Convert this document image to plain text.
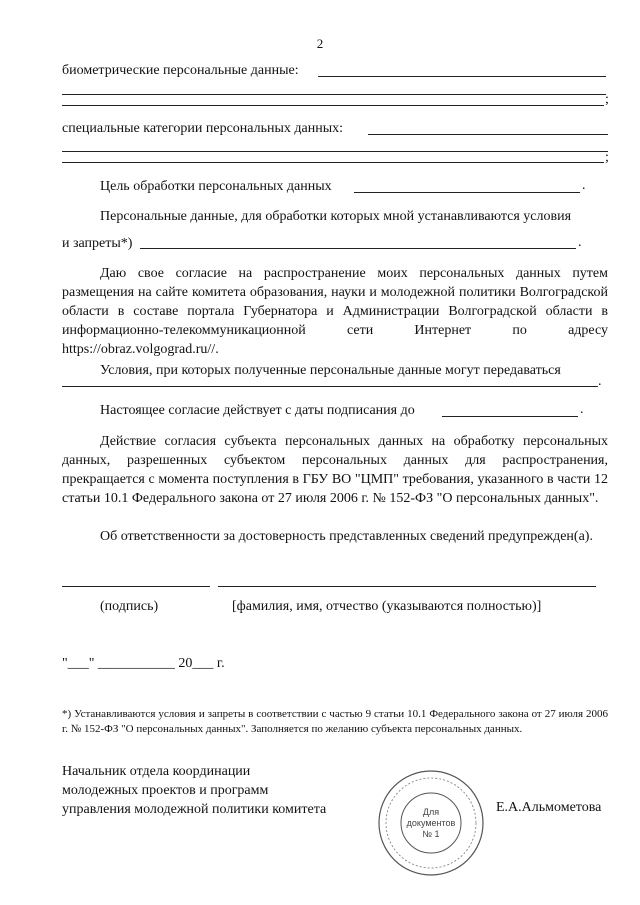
2
биометрические персональные данные:
;
специальные категории персональных данных:
;
Цель обработки персональных данных	.
Персональные данные, для обработки которых мной устанавливаются условия
и запреты*)	.
Даю свое согласие на распространение моих персональных данных путем размещения на сайте комитета образования, науки и молодежной политики Волгоградской области в составе портала Губернатора и Администрации Волгоградской области в информационно-телекоммуникационной сети Интернет по адресу https://obraz.volgograd.ru//.
Условия, при которых полученные персональные данные могут передаваться
.
Настоящее согласие действует с даты подписания до	.
Действие согласия субъекта персональных данных на обработку персональных данных, разрешенных субъектом персональных данных для распространения, прекращается с момента поступления в ГБУ ВО "ЦМП" требования, указанного в части 12 статьи 10.1 Федерального закона от 27 июля 2006 г. № 152-ФЗ "О персональных данных".
Об ответственности за достоверность представленных сведений предупрежден(а).
(подпись)	[фамилия, имя, отчество (указываются полностью)]
"___" ___________ 20___ г.
*) Устанавливаются условия и запреты в соответствии с частью 9 статьи 10.1 Федерального закона от 27 июля 2006 г. № 152-ФЗ "О персональных данных". Заполняется по желанию субъекта персональных данных.
Начальник отдела координации
молодежных проектов и программ
управления молодежной политики комитета	Для
документов
№ 1
Е.А.Альмометова
